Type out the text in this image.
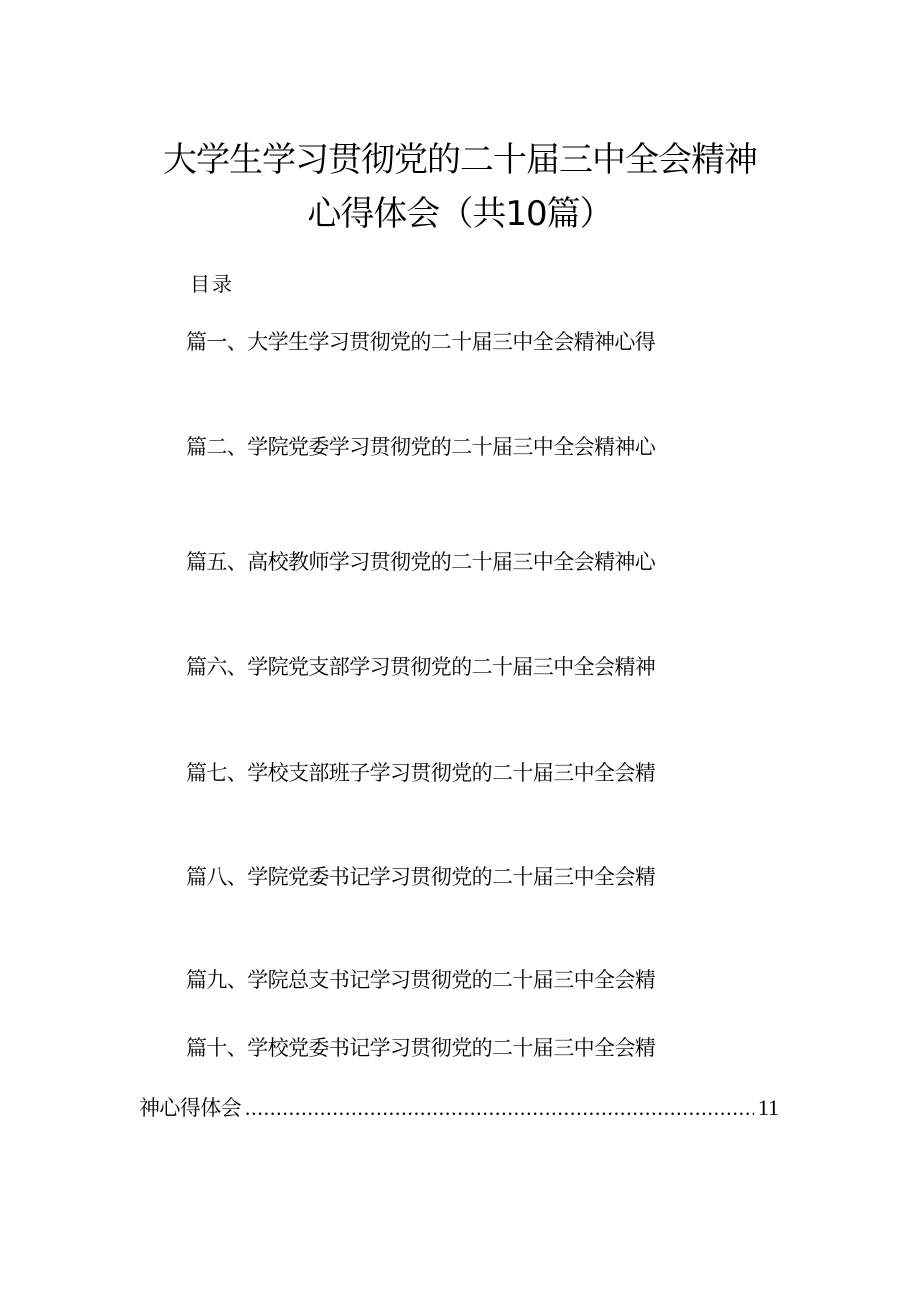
大学生学习贯彻党的二十届三中全会精神
心得体会（共10篇）
目录
篇一、大学生学习贯彻党的二十届三中全会精神心得
篇二、学院党委学习贯彻党的二十届三中全会精神心
篇五、高校教师学习贯彻党的二十届三中全会精神心
篇六、学院党支部学习贯彻党的二十届三中全会精神
篇七、学校支部班子学习贯彻党的二十届三中全会精
篇八、学院党委书记学习贯彻党的二十届三中全会精
篇九、学院总支书记学习贯彻党的二十届三中全会精
篇十、学校党委书记学习贯彻党的二十届三中全会精
神心得体会
.....	11
